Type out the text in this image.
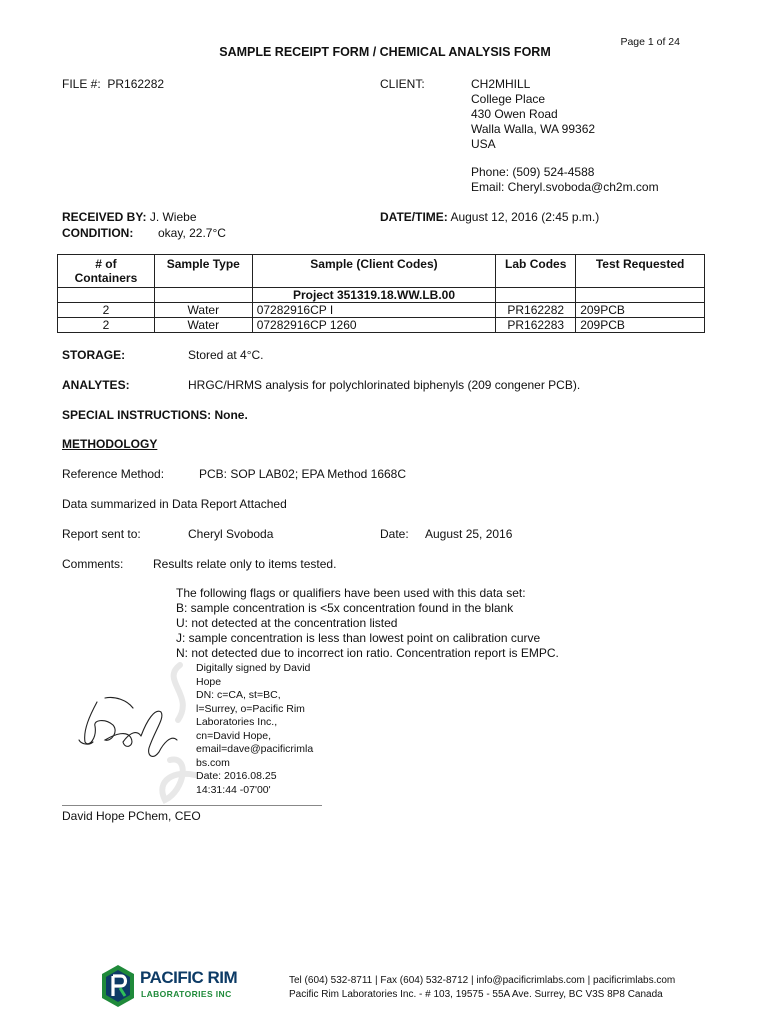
Page 1 of 24
SAMPLE RECEIPT FORM / CHEMICAL ANALYSIS FORM
FILE #: PR162282	CLIENT:	CH2MHILL
College Place
430 Owen Road
Walla Walla, WA 99362
USA
Phone: (509) 524-4588
Email: Cheryl.svoboda@ch2m.com
RECEIVED BY: J. Wiebe
CONDITION: okay, 22.7°C
DATE/TIME: August 12, 2016 (2:45 p.m.)
# of
Containers	Sample Type	Sample (Client Codes)	Lab Codes	Test Requested
		Project 351319.18.WW.LB.00		
2	Water	07282916CP I	PR162282	209PCB
2	Water	07282916CP 1260	PR162283	209PCB
STORAGE:	Stored at 4°C.
ANALYTES:	HRGC/HRMS analysis for polychlorinated biphenyls (209 congener PCB).
SPECIAL INSTRUCTIONS: None.
METHODOLOGY
Reference Method:	PCB: SOP LAB02; EPA Method 1668C
Data summarized in Data Report Attached
Report sent to:	Cheryl Svoboda	Date: August 25, 2016
Comments: Results relate only to items tested.
The following flags or qualifiers have been used with this data set:
B: sample concentration is <5x concentration found in the blank
U: not detected at the concentration listed
J: sample concentration is less than lowest point on calibration curve
N: not detected due to incorrect ion ratio. Concentration report is EMPC.
Digitally signed by David
Hope
DN: c=CA, st=BC,
l=Surrey, o=Pacific Rim
Laboratories Inc.,
cn=David Hope,
email=dave@pacificrimla
bs.com
Date: 2016.08.25
14:31:44 -07'00'
David Hope PChem, CEO
PACIFIC RIM
LABORATORIES INC
Tel (604) 532-8711 | Fax (604) 532-8712 | info@pacificrimlabs.com | pacificrimlabs.com
Pacific Rim Laboratories Inc. - # 103, 19575 - 55A Ave. Surrey, BC V3S 8P8 Canada
